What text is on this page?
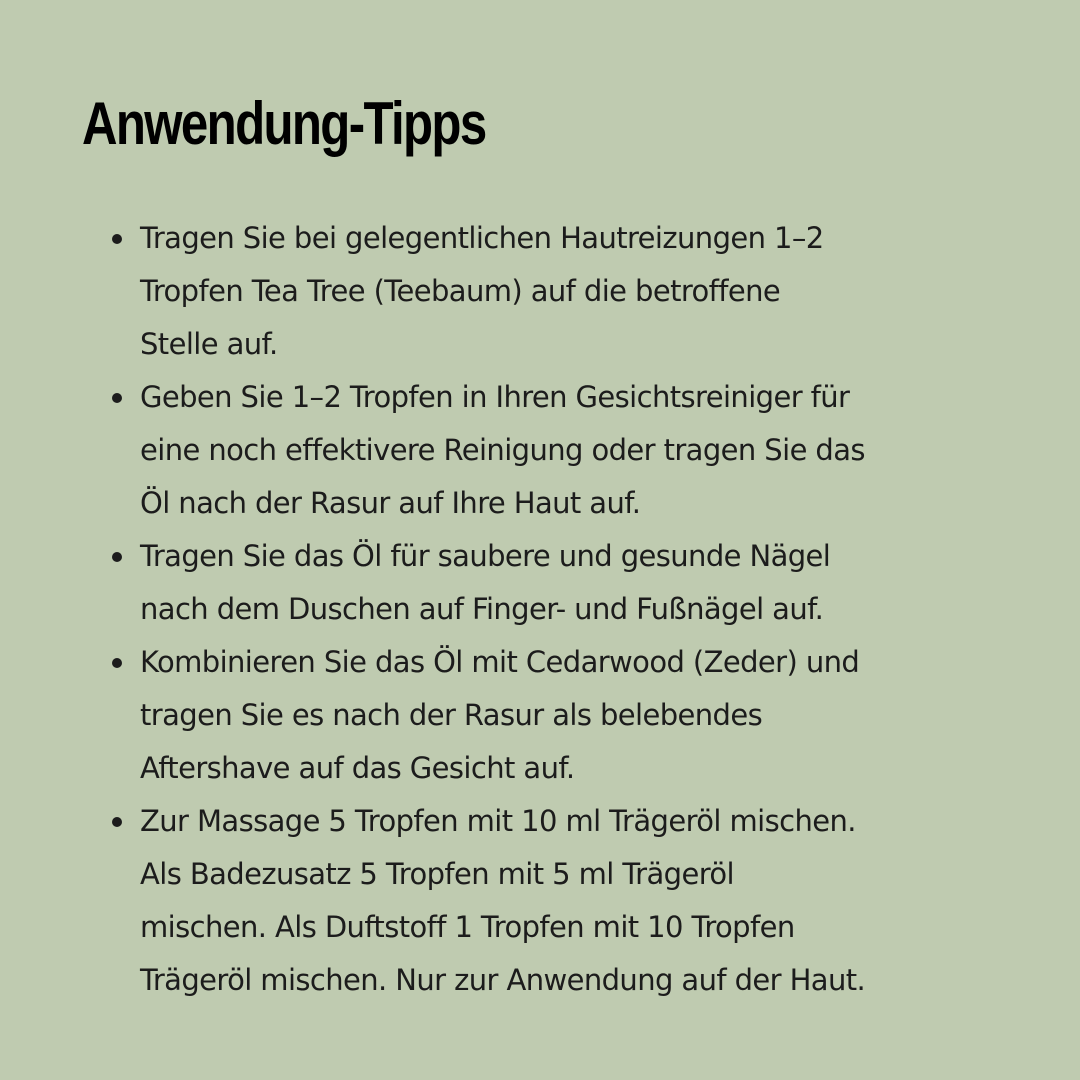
Anwendung-Tipps
Tragen Sie bei gelegentlichen Hautreizungen 1–2
Tropfen Tea Tree (Teebaum) auf die betroffene
Stelle auf.
Geben Sie 1–2 Tropfen in Ihren Gesichtsreiniger für
eine noch effektivere Reinigung oder tragen Sie das
Öl nach der Rasur auf Ihre Haut auf.
Tragen Sie das Öl für saubere und gesunde Nägel
nach dem Duschen auf Finger- und Fußnägel auf.
Kombinieren Sie das Öl mit Cedarwood (Zeder) und
tragen Sie es nach der Rasur als belebendes
Aftershave auf das Gesicht auf.
Zur Massage 5 Tropfen mit 10 ml Trägeröl mischen.
Als Badezusatz 5 Tropfen mit 5 ml Trägeröl
mischen. Als Duftstoff 1 Tropfen mit 10 Tropfen
Trägeröl mischen. Nur zur Anwendung auf der Haut.
